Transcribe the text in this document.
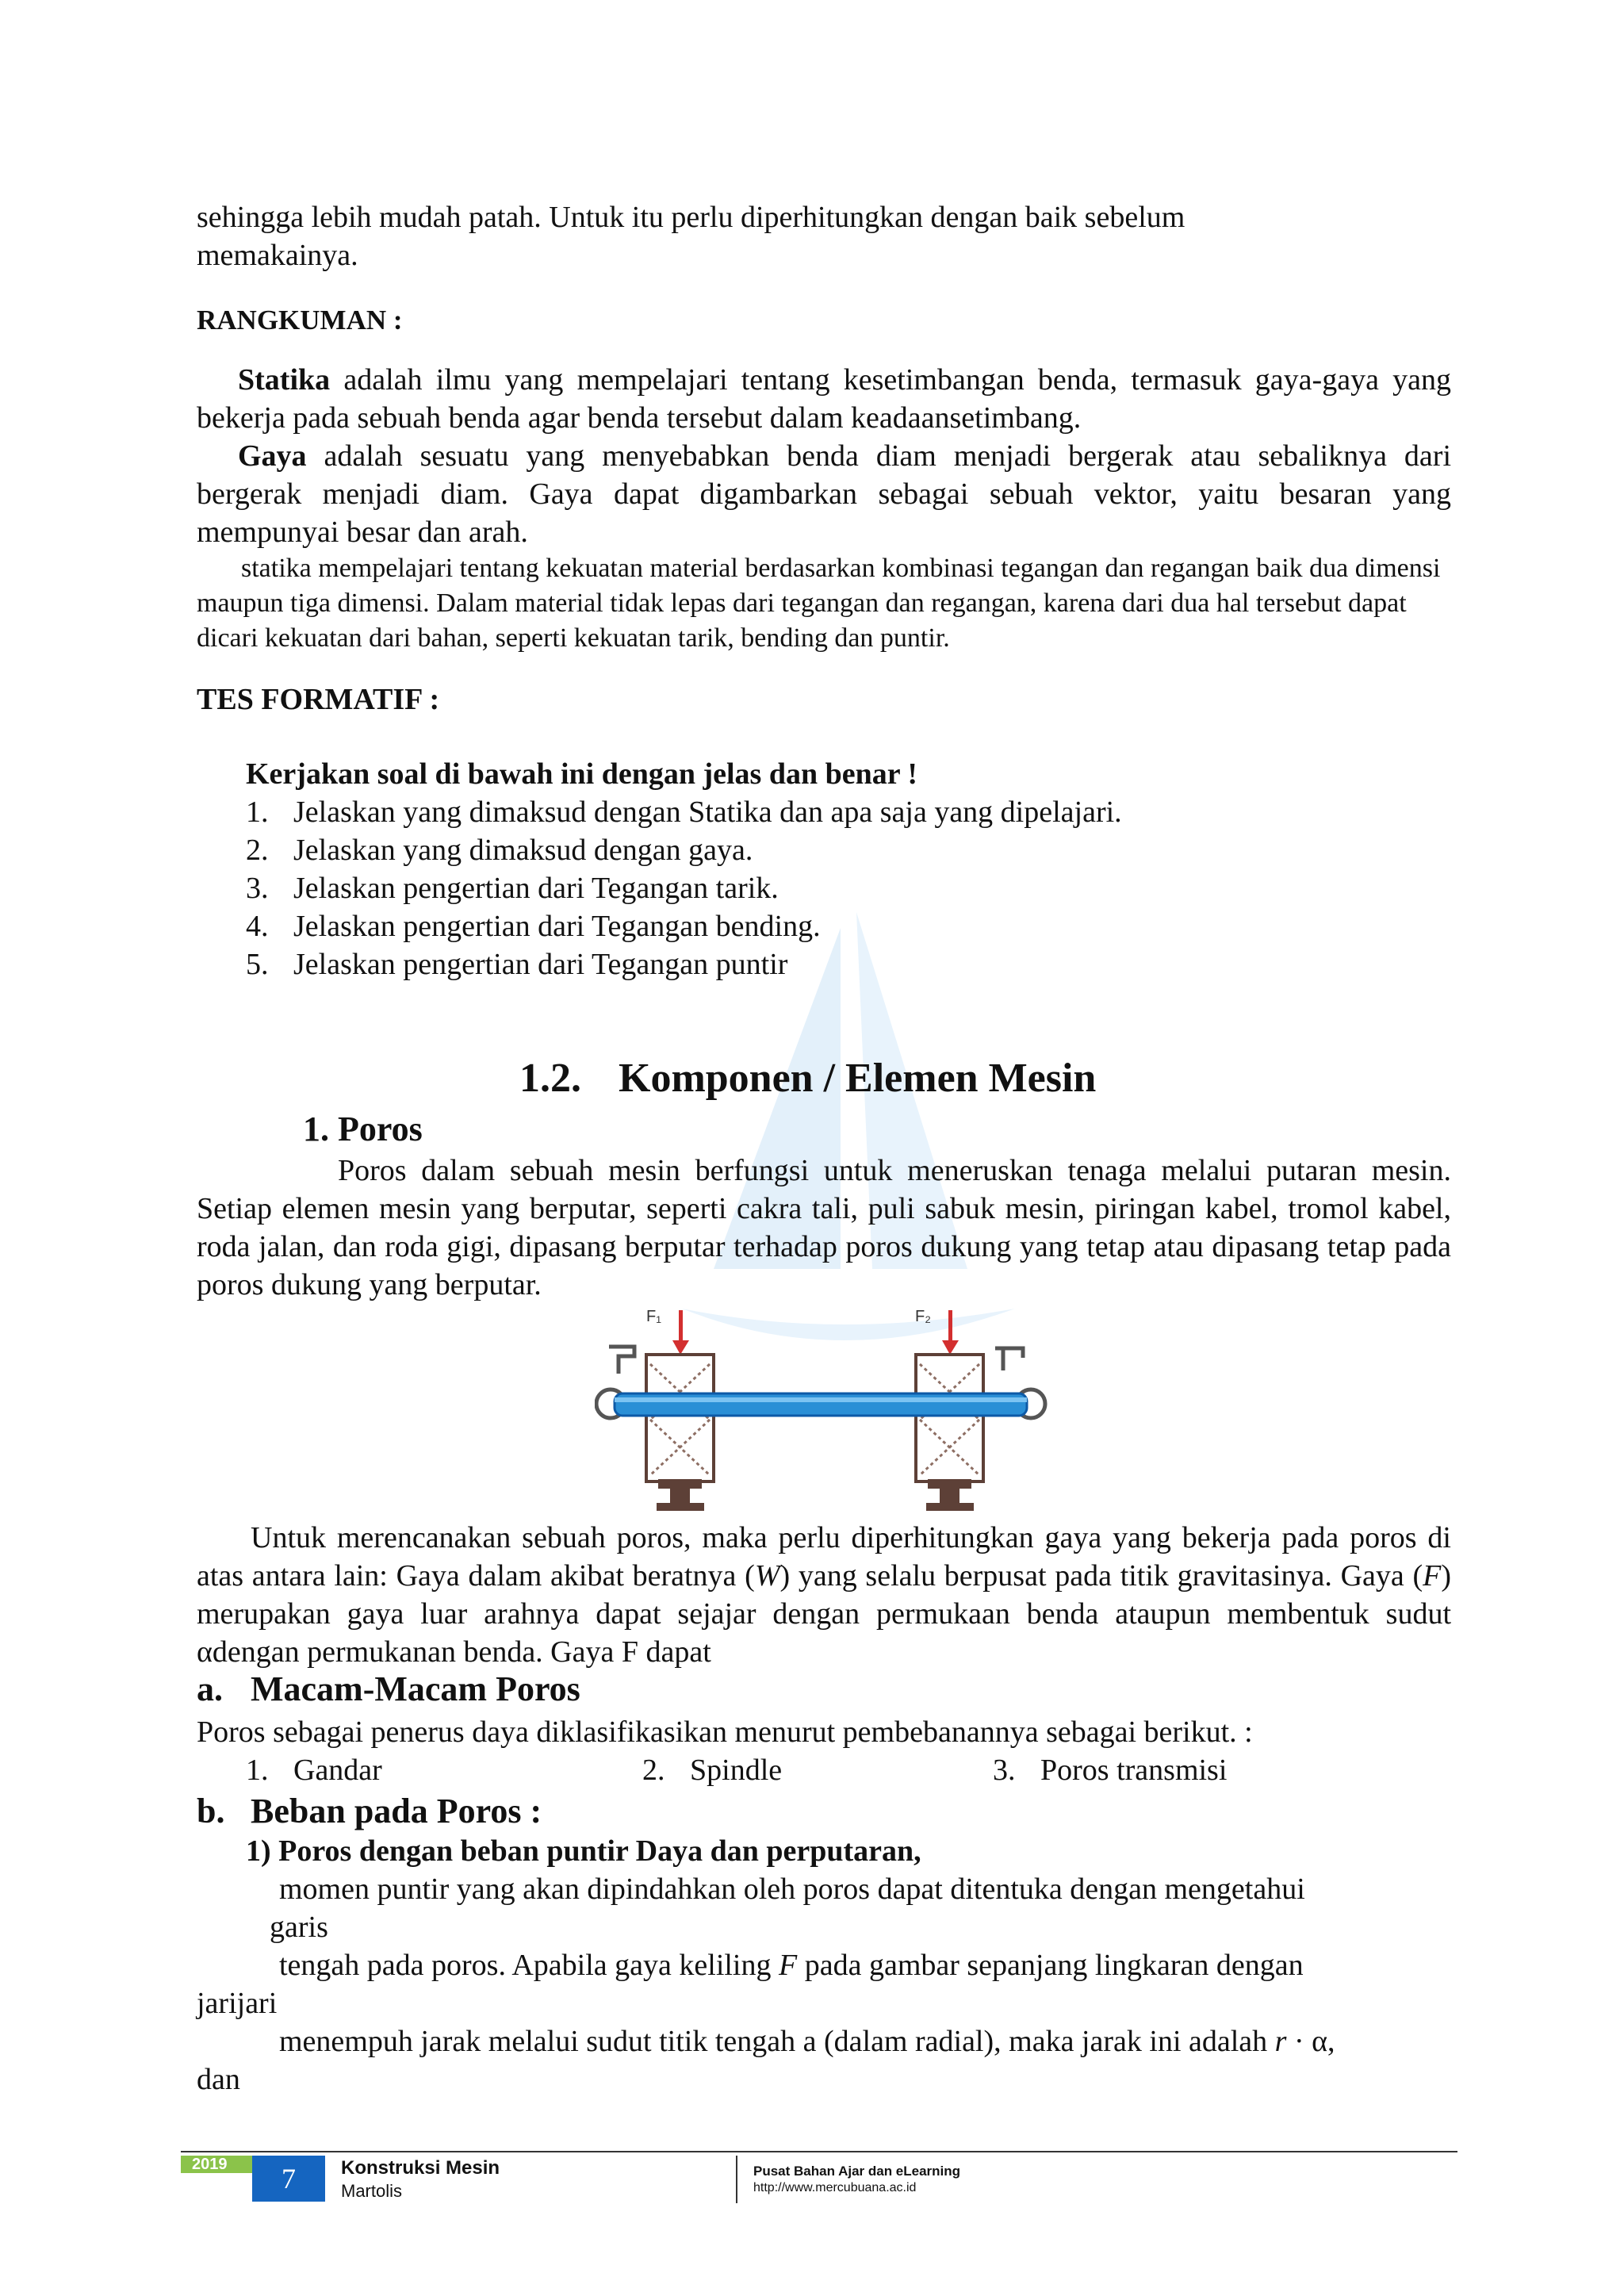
sehingga lebih mudah patah. Untuk itu perlu diperhitungkan dengan baik sebelum

memakainya.

RANGKUMAN :

Statika adalah ilmu yang mempelajari tentang kesetimbangan benda, termasuk gaya-gaya yang bekerja pada sebuah benda agar benda tersebut dalam keadaansetimbang.

Gaya adalah sesuatu yang menyebabkan benda diam menjadi bergerak atau sebaliknya dari bergerak menjadi diam. Gaya dapat digambarkan sebagai sebuah vektor, yaitu besaran yang mempunyai besar dan arah.

statika mempelajari tentang kekuatan material berdasarkan kombinasi tegangan dan regangan baik dua dimensi maupun tiga dimensi. Dalam material tidak lepas dari tegangan dan regangan, karena dari dua hal tersebut dapat dicari kekuatan dari bahan, seperti kekuatan tarik, bending dan puntir.

TES FORMATIF :

Kerjakan soal di bawah ini dengan jelas dan benar !

1. Jelaskan yang dimaksud dengan Statika dan apa saja yang dipelajari.
2. Jelaskan yang dimaksud dengan gaya.
3. Jelaskan pengertian dari Tegangan tarik.
4. Jelaskan pengertian dari Tegangan bending.
5. Jelaskan pengertian dari Tegangan puntir
1.2. Komponen / Elemen Mesin
1. Poros

Poros dalam sebuah mesin berfungsi untuk meneruskan tenaga melalui putaran mesin. Setiap elemen mesin yang berputar, seperti cakra tali, puli sabuk mesin, piringan kabel, tromol kabel, roda jalan, dan roda gigi, dipasang berputar terhadap poros dukung yang tetap atau dipasang tetap pada poros dukung yang berputar.

F₁	F₂

Untuk merencanakan sebuah poros, maka perlu diperhitungkan gaya yang bekerja pada poros di atas antara lain: Gaya dalam akibat beratnya (W) yang selalu berpusat pada titik gravitasinya. Gaya (F) merupakan gaya luar arahnya dapat sejajar dengan permukaan benda ataupun membentuk sudut αdengan permukanan benda. Gaya F dapat

a. Macam-Macam Poros

Poros sebagai penerus daya diklasifikasikan menurut pembebanannya sebagai berikut. :

1. Gandar	2. Spindle	3. Poros transmisi
b. Beban pada Poros :

1) Poros dengan beban puntir Daya dan perputaran,

momen puntir yang akan dipindahkan oleh poros dapat ditentuka dengan mengetahui

garis

tengah pada poros. Apabila gaya keliling F pada gambar sepanjang lingkaran dengan

jarijari

menempuh jarak melalui sudut titik tengah a (dalam radial), maka jarak ini adalah r · α,

dan

2019	7	Konstruksi Mesin
Martolis
Pusat Bahan Ajar dan eLearning
http://www.mercubuana.ac.id
